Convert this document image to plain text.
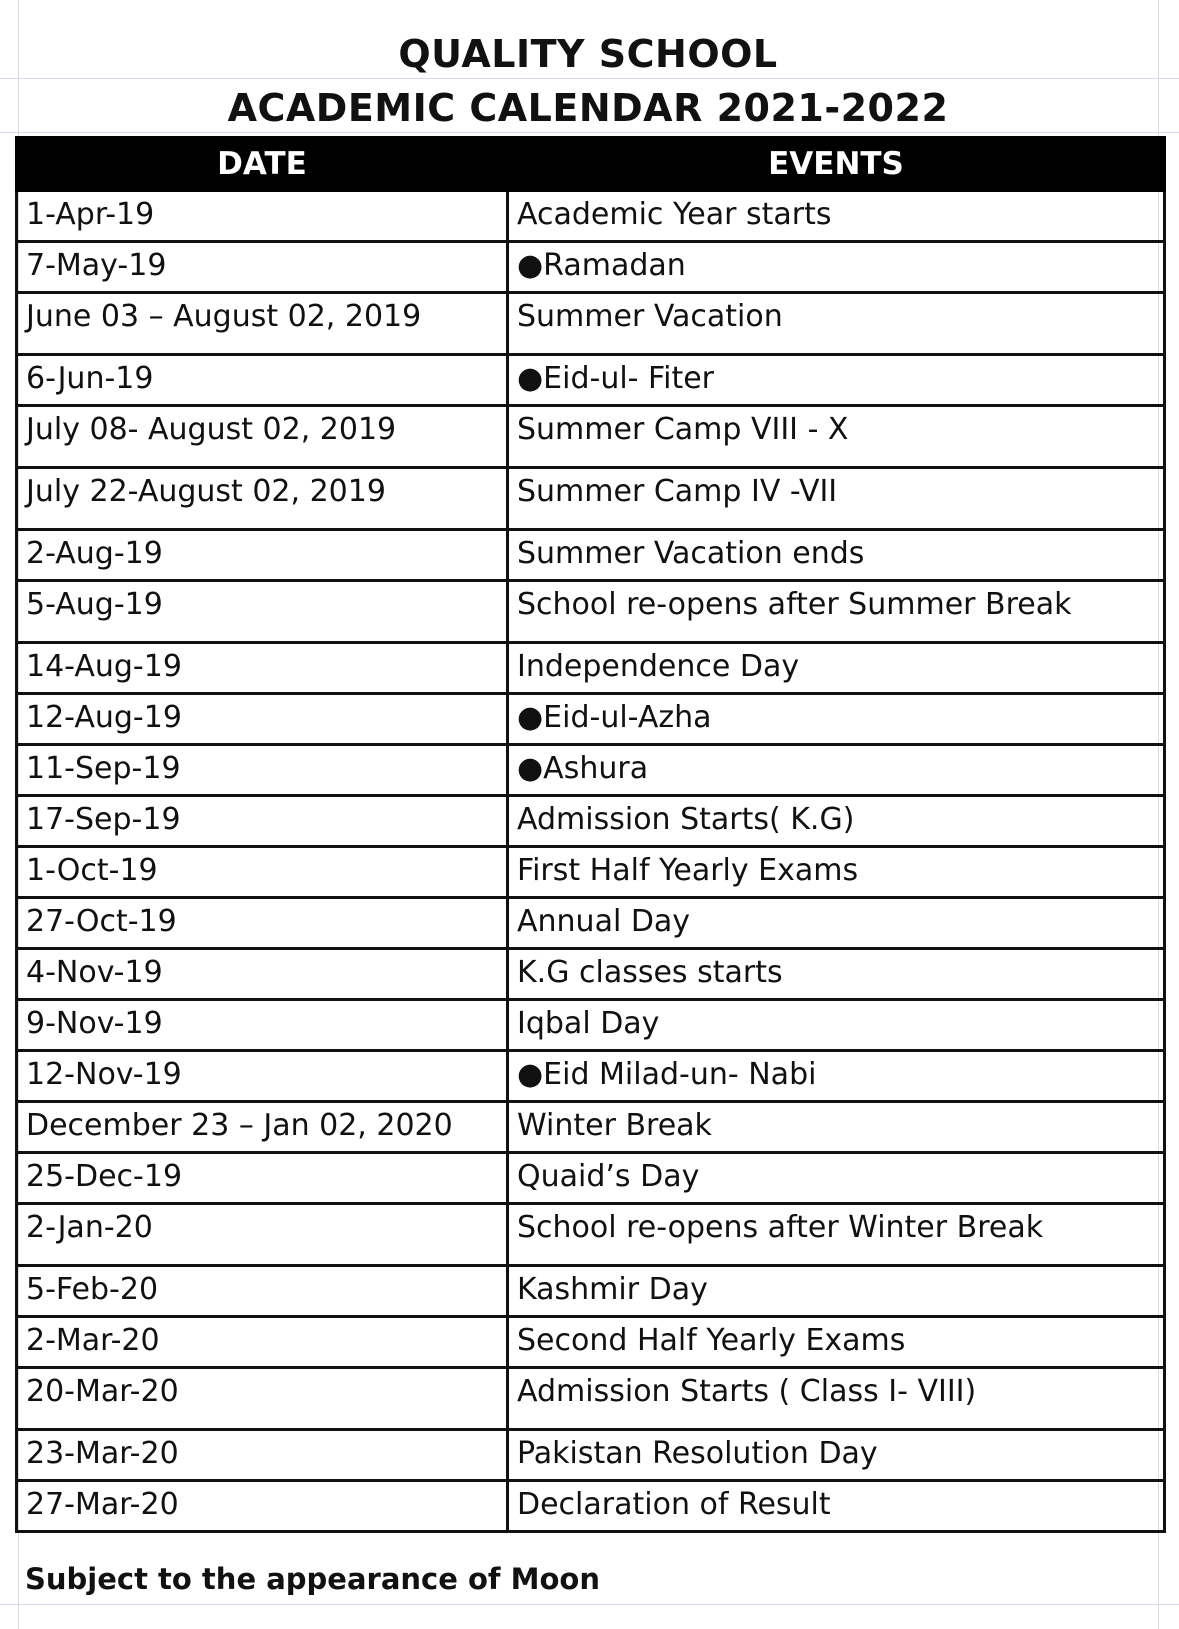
QUALITY SCHOOL
ACADEMIC CALENDAR 2021-2022
DATE	EVENTS
1-Apr-19	Academic Year starts
7-May-19	●Ramadan
June 03 – August 02, 2019	Summer Vacation
6-Jun-19	●Eid-ul- Fiter
July 08- August 02, 2019	Summer Camp VIII - X
July 22-August 02, 2019	Summer Camp IV -VII
2-Aug-19	Summer Vacation ends
5-Aug-19	School re-opens after Summer Break
14-Aug-19	Independence Day
12-Aug-19	●Eid-ul-Azha
11-Sep-19	●Ashura
17-Sep-19	Admission Starts( K.G)
1-Oct-19	First Half Yearly Exams
27-Oct-19	Annual Day
4-Nov-19	K.G classes starts
9-Nov-19	Iqbal Day
12-Nov-19	●Eid Milad-un- Nabi
December 23 – Jan 02, 2020	Winter Break
25-Dec-19	Quaid’s Day
2-Jan-20	School re-opens after Winter Break
5-Feb-20	Kashmir Day
2-Mar-20	Second Half Yearly Exams
20-Mar-20	Admission Starts ( Class I- VIII)
23-Mar-20	Pakistan Resolution Day
27-Mar-20	Declaration of Result
Subject to the appearance of Moon
